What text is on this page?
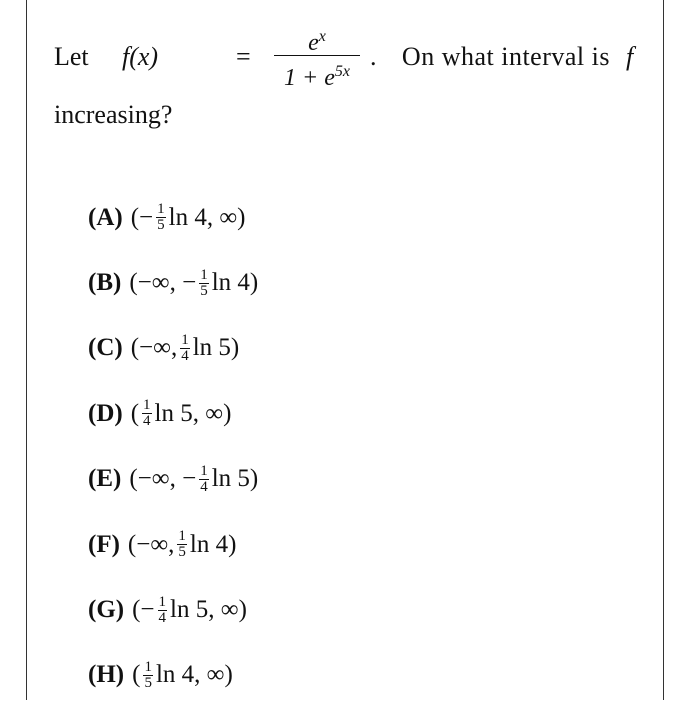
Let f(x)	=	$e^x$
$1 + e^{5x}$
. On what interval is f
increasing?
(A) (− $\frac{1}{5}$ ln 4, ∞)
(B) (−∞, − $\frac{1}{5}$ ln 4)
(C) (−∞, 1
4 ln 5)
(D) ( 1
4 ln 5, ∞)
(E) (−∞, − $\frac{1}{4}$ ln 5)
(F) (−∞, 1
5 ln 4)
(G) (− $\frac{1}{4}$ ln 5, ∞)
(H) ( 1
5 ln 4, ∞)
